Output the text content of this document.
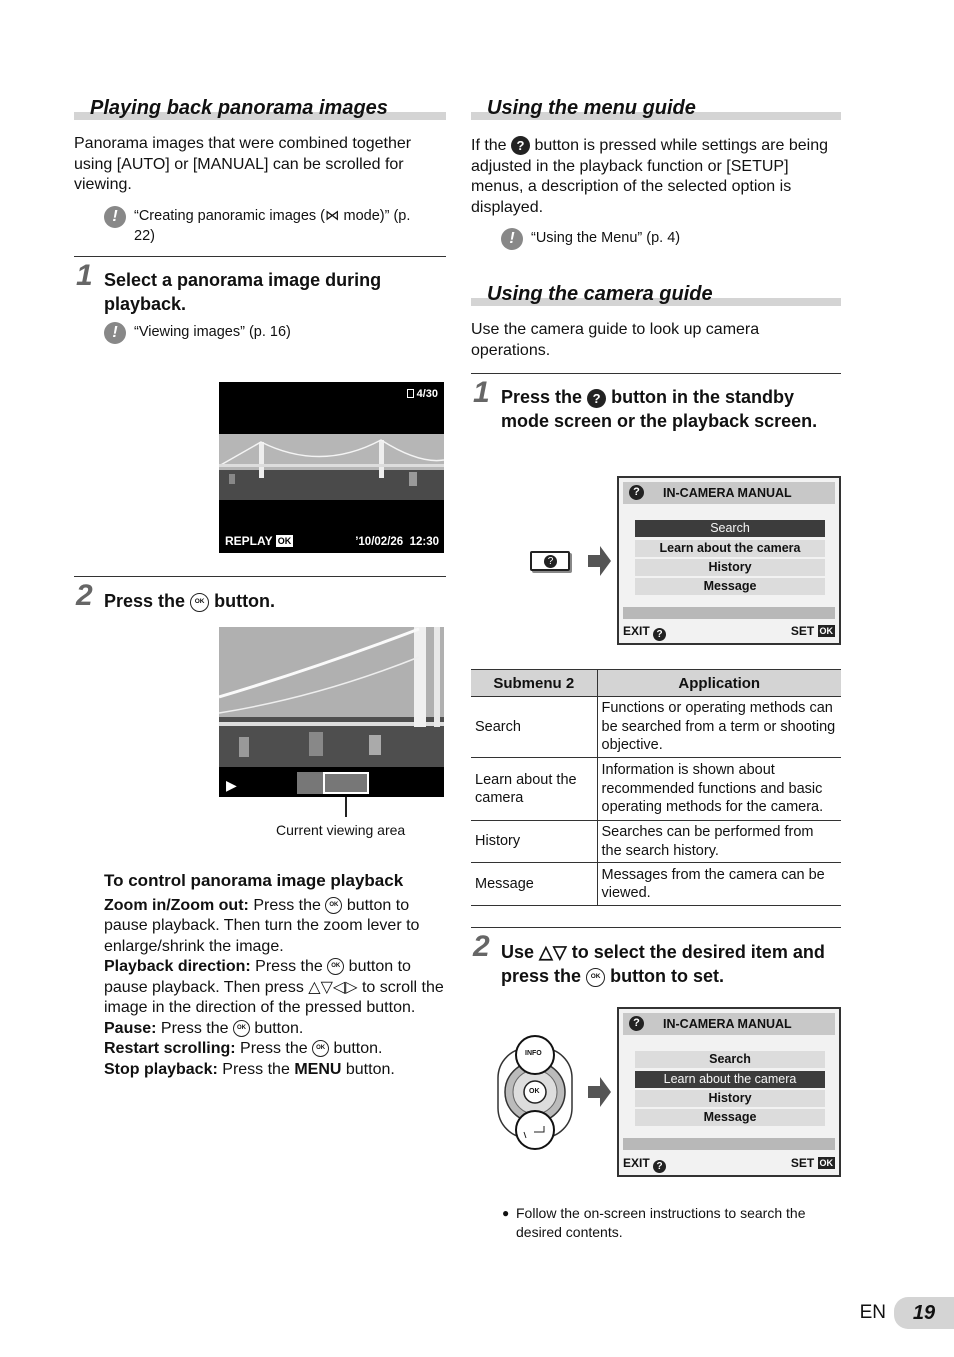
Playing back panorama images

Panorama images that were combined together using [AUTO] or [MANUAL] can be scrolled for viewing.

!	“Creating panoramic images (⋈ mode)” (p. 22)
1 Select a panorama image during playback.
!	“Viewing images” (p. 16)
4/30
REPLAY OK	’10/02/26 12:30
2 Press the OK button.
▶
Current viewing area
To control panorama image playback
Zoom in/Zoom out: Press the OK button to pause playback. Then turn the zoom lever to enlarge/shrink the image.
Playback direction: Press the OK button to pause playback. Then press △▽◁▷ to scroll the image in the direction of the pressed button.
Pause: Press the OK button.
Restart scrolling: Press the OK button.
Stop playback: Press the MENU button.
Using the menu guide

If the ? button is pressed while settings are being adjusted in the playback function or [SETUP] menus, a description of the selected option is displayed.

!	“Using the Menu” (p. 4)
Using the camera guide

Use the camera guide to look up camera operations.

1 Press the ? button in the standby mode screen or the playback screen.
?
?	IN-CAMERA MANUAL
Search
Learn about the camera
History
Message
EXIT ?	SET OK
Submenu 2	Application
Search	Functions or operating methods can be searched from a term or shooting objective.
Learn about the camera	Information is shown about recommended functions and basic operating methods for the camera.
History	Searches can be performed from the search history.
Message	Messages from the camera can be viewed.
2 Use △▽ to select the desired item and press the OK button to set.
INFO
OK
?	IN-CAMERA MANUAL
Search
Learn about the camera
History
Message
EXIT ?	SET OK
● Follow the on-screen instructions to search the desired contents.
EN	19
